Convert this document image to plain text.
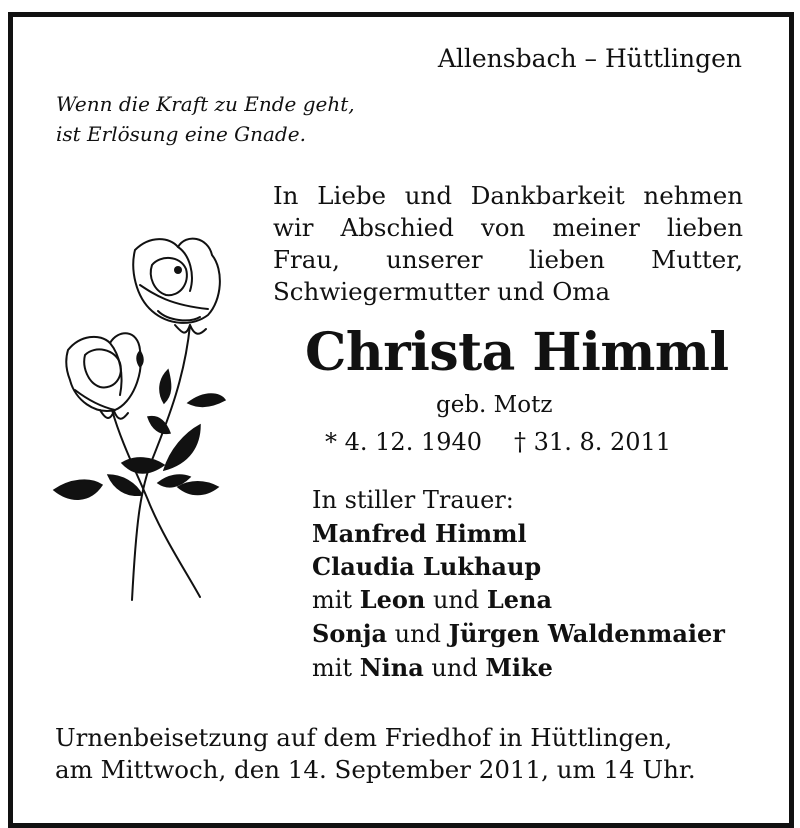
Allensbach – Hüttlingen
Wenn die Kraft zu Ende geht,
ist Erlösung eine Gnade.
In Liebe und Dankbarkeit nehmen
wir Abschied von meiner lieben
Frau, unserer lieben Mutter,
Schwiegermutter und Oma
Christa Himml
geb. Motz
* 4. 12. 1940 † 31. 8. 2011
In stiller Trauer:
Manfred Himml
Claudia Lukhaup
mit Leon und Lena
Sonja und Jürgen Waldenmaier
mit Nina und Mike
Urnenbeisetzung auf dem Friedhof in Hüttlingen,
am Mittwoch, den 14. September 2011, um 14 Uhr.
